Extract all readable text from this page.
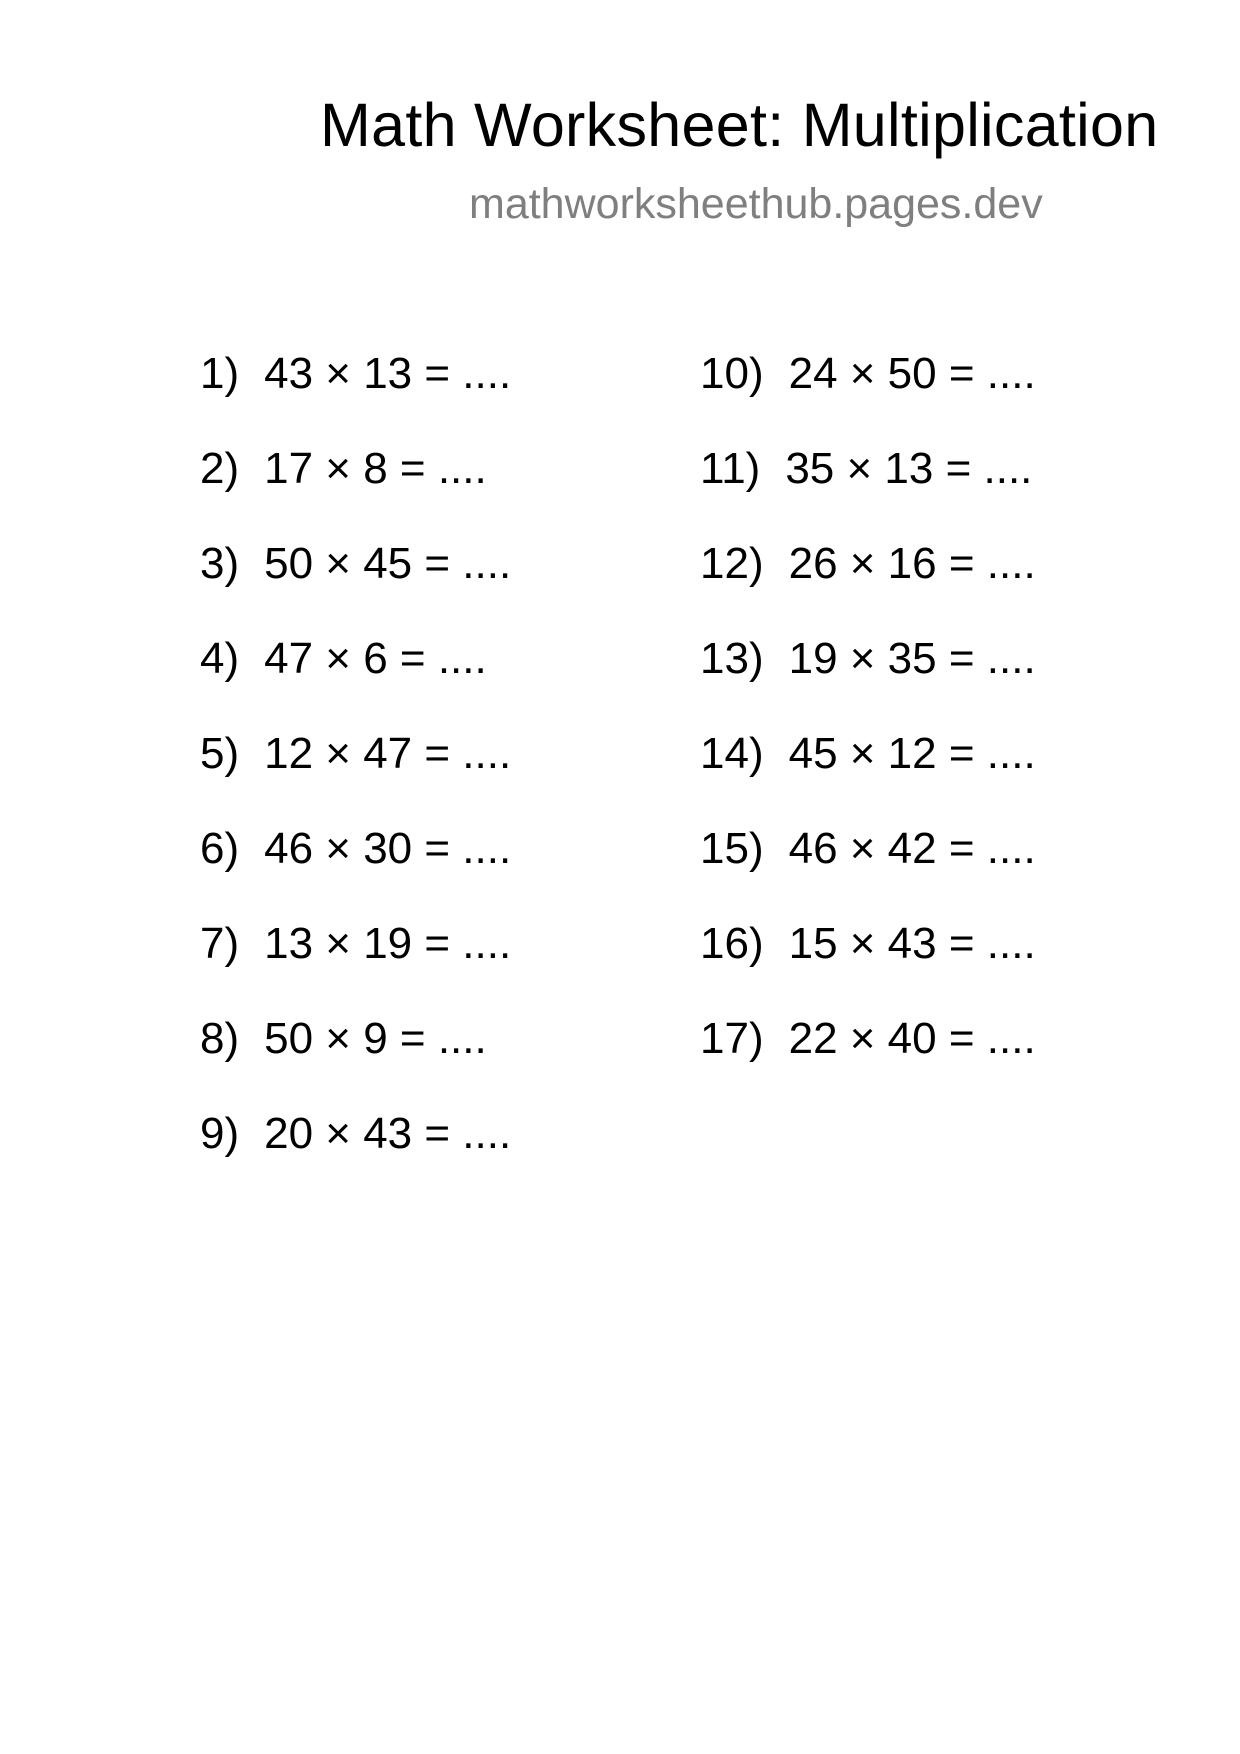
Math Worksheet: Multiplication
mathworksheethub.pages.dev
1) 43 × 13 = ....
2) 17 × 8 = ....
3) 50 × 45 = ....
4) 47 × 6 = ....
5) 12 × 47 = ....
6) 46 × 30 = ....
7) 13 × 19 = ....
8) 50 × 9 = ....
9) 20 × 43 = ....
10) 24 × 50 = ....
11) 35 × 13 = ....
12) 26 × 16 = ....
13) 19 × 35 = ....
14) 45 × 12 = ....
15) 46 × 42 = ....
16) 15 × 43 = ....
17) 22 × 40 = ....
